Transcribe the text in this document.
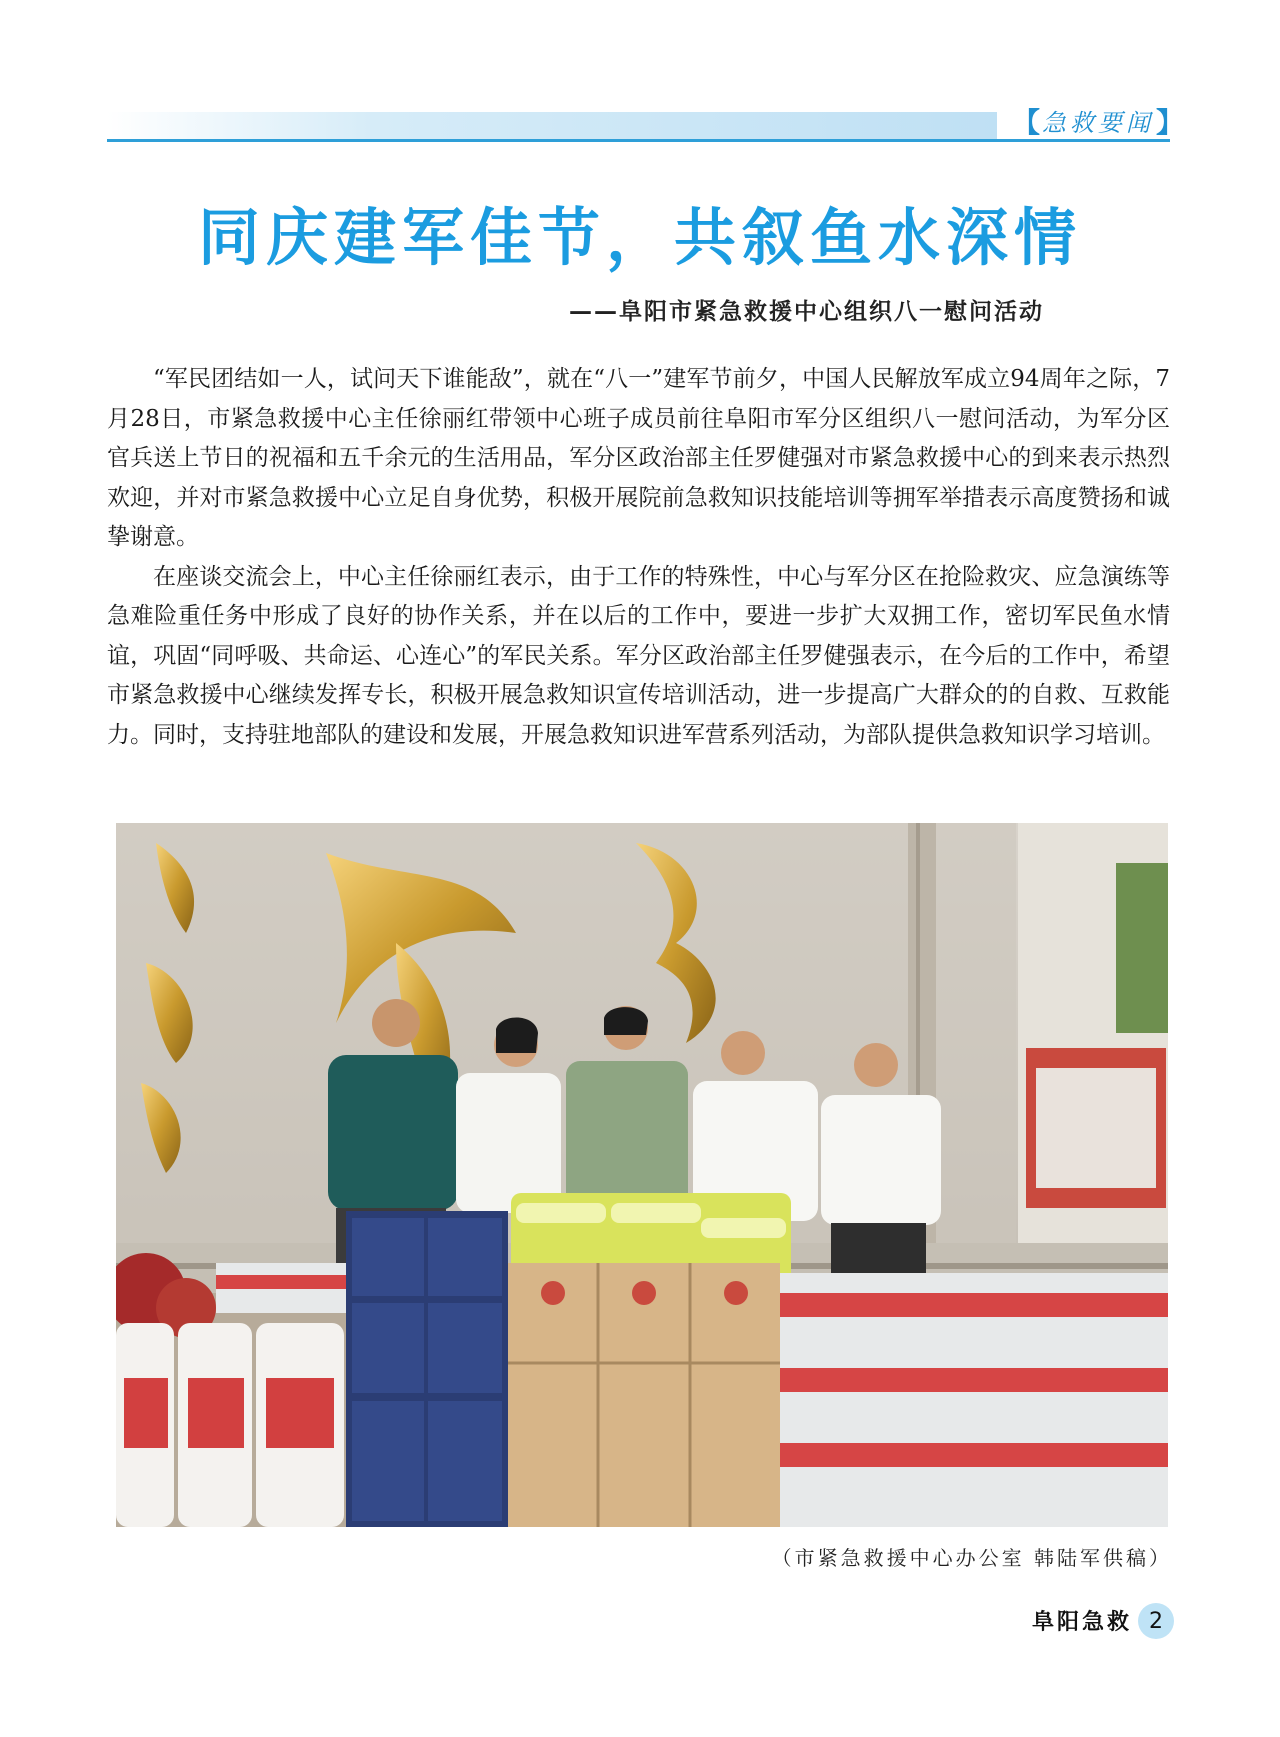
【 急救要闻 】
同庆建军佳节，共叙鱼水深情
——阜阳市紧急救援中心组织八一慰问活动

“军民团结如一人，试问天下谁能敌”，就在“八一”建军节前夕，中国人民解放军成立94周年之际，7月28日，市紧急救援中心主任徐丽红带领中心班子成员前往阜阳市军分区组织八一慰问活动，为军分区官兵送上节日的祝福和五千余元的生活用品，军分区政治部主任罗健强对市紧急救援中心的到来表示热烈欢迎，并对市紧急救援中心立足自身优势，积极开展院前急救知识技能培训等拥军举措表示高度赞扬和诚挚谢意。

在座谈交流会上，中心主任徐丽红表示，由于工作的特殊性，中心与军分区在抢险救灾、应急演练等急难险重任务中形成了良好的协作关系，并在以后的工作中，要进一步扩大双拥工作，密切军民鱼水情谊，巩固“同呼吸、共命运、心连心”的军民关系。军分区政治部主任罗健强表示，在今后的工作中，希望市紧急救援中心继续发挥专长，积极开展急救知识宣传培训活动，进一步提高广大群众的的自救、互救能力。同时，支持驻地部队的建设和发展，开展急救知识进军营系列活动，为部队提供急救知识学习培训。

（市紧急救援中心办公室 韩陆军供稿）
阜阳急救 2
